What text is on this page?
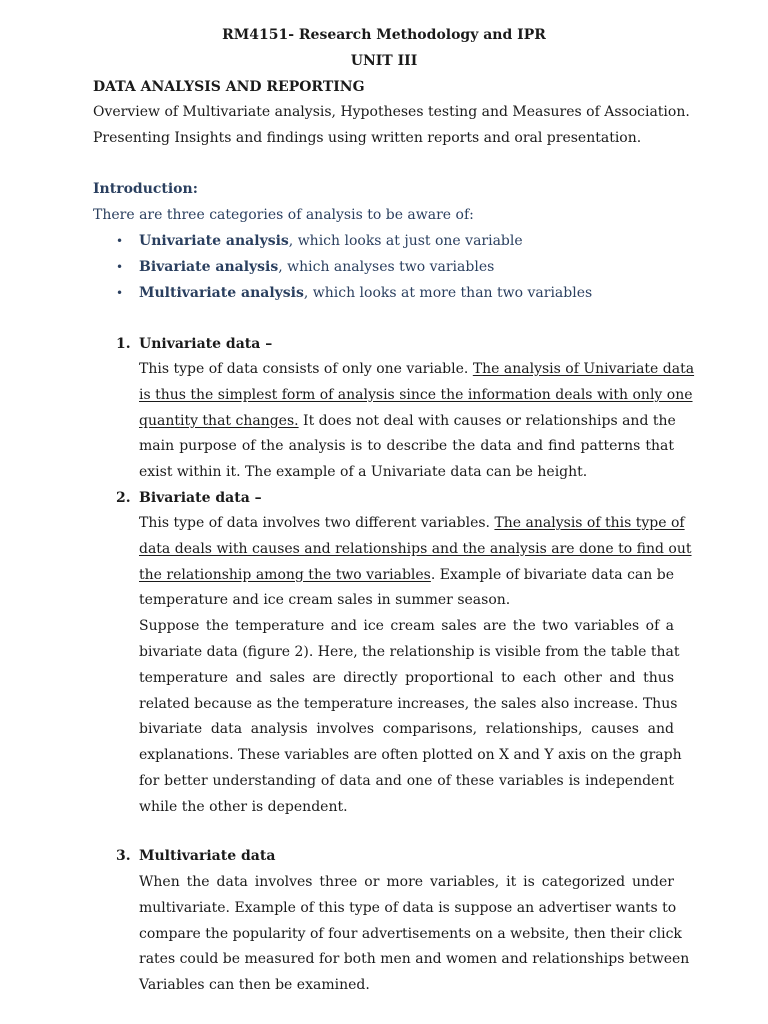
RM4151- Research Methodology and IPR
UNIT III
DATA ANALYSIS AND REPORTING
Overview of Multivariate analysis, Hypotheses testing and Measures of Association.
Presenting Insights and findings using written reports and oral presentation.
Introduction:
There are three categories of analysis to be aware of:
• Univariate analysis, which looks at just one variable
• Bivariate analysis, which analyses two variables
• Multivariate analysis, which looks at more than two variables
1. Univariate data –
This type of data consists of only one variable. The analysis of Univariate data
is thus the simplest form of analysis since the information deals with only one
quantity that changes. It does not deal with causes or relationships and the
main purpose of the analysis is to describe the data and find patterns that
exist within it. The example of a Univariate data can be height.
2. Bivariate data –
This type of data involves two different variables. The analysis of this type of
data deals with causes and relationships and the analysis are done to find out
the relationship among the two variables. Example of bivariate data can be
temperature and ice cream sales in summer season.
Suppose the temperature and ice cream sales are the two variables of a
bivariate data (figure 2). Here, the relationship is visible from the table that
temperature and sales are directly proportional to each other and thus
related because as the temperature increases, the sales also increase. Thus
bivariate data analysis involves comparisons, relationships, causes and
explanations. These variables are often plotted on X and Y axis on the graph
for better understanding of data and one of these variables is independent
while the other is dependent.
3. Multivariate data
When the data involves three or more variables, it is categorized under
multivariate. Example of this type of data is suppose an advertiser wants to
compare the popularity of four advertisements on a website, then their click
rates could be measured for both men and women and relationships between
Variables can then be examined.
